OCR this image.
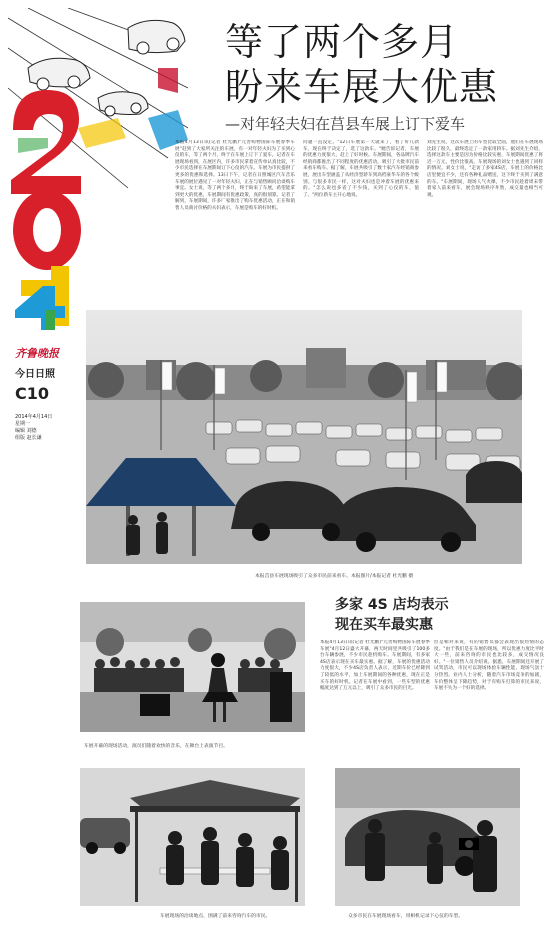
等了两个多月
盼来车展大优惠
—对年轻夫妇在莒县车展上订下爱车
本报4月13日讯(记者 杜光鹏)"元善购物国际车展春季车展"赶到了大家所关注的车展，有一对年轻夫妇为了买到心仪的车，等了两个月，终于在车展上订下了爱车。记者在车展现场看到，在展区内，许多市民拿着宣传单认真比较，不少市民选择在车展期间订下心仪的汽车。车展为市民提供了更多的优惠和选择。13日下午，记者在日照城区汽车音乐车展的展位遇见了一对年轻夫妇，正在与销售顾问洽谈购车事宜。女士说，等了两个多月，终于盼来了车展，希望能拿到更大的优惠，车展期间有优惠政策，真的很划算。记者了解到，车展期间，许多厂家推出了购车优惠活动，正在和销售人员商讨价格的夫妇表示，车展是购车的好时机。
问题一直没定。"12日车展第一天就来了，看了好几款车，现在终于决定了，选了这款车。"她告诉记者，车展的优惠力度很大，赶上了好时候。车展期间，各品牌汽车经销商都推出了不同程度的优惠活动，吸引了大批市民前来看车购车。据了解，车展共吸引了数十家汽车经销商参展，展出车型涵盖了从经济型轿车到高档豪华车的各个级别。与很多市民一样，这对夫妇也是冲着车展的优惠来的。"怎么说也多省了不少钱，买到了心仪的车，值了。"两位新车主开心地说。
刘先生说，这次车展上的车型比较全面，他们在车展现场比较了很久，最终选定了一款家用轿车。据刘先生介绍，选择这款车主要是因为价格比较实惠，车展期间优惠了将近一万元，性价比很高。车展现场的刘女士也遇到了同样的情况。刘女士说，"走访了多家4S店，车展上的价格比店里便宜不少，还有各种礼品赠送，这下终于买到了满意的车。"车展期间，现场人气火爆，不少市民趁着周末带着家人前来看车，展会现场秩序井然，成交量也相当可观。
齐鲁晚报
今日日照
C10
2014年4月14日
星期一
编辑 刘德
组版 赵长谦
本报莒县车展现场吸引了众多市民前来看车。本报图片/本报记者 杜光鹏 摄
多家 4S 店均表示
现在买车最实惠
本报4月13日讯(记者 杜光鹏)"元善购物国际车展春季车展"4月12日盛大开幕，两天时间里共吸引了100多台车辆参展，不少市民趁机购车。车展期间，有多家4S店表示现在买车最实惠。据了解，车展的优惠活动力度很大，不少4S店负责人表示，近期车价已经降到了较低的水平，加上车展期间的各种优惠，现在正是买车的好时机。记者在车展中看到，一些车型的优惠幅度达到了万元以上，吸引了众多市民的目光。
但是相对来说，有的销售员都会表现出很热情的态度。"由于我们是在车展的现场，所以优惠力度比平时大一些，前来咨询的市民也比较多，成交情况良好。"一位销售人员介绍说。据悉，车展期间还开展了试驾活动，市民可以现场体验车辆性能，现场气氛十分热烈。业内人士分析，随着汽车市场竞争的加剧，车价整体呈下降趋势，对于有购车打算的市民来说，车展不失为一个好的选择。
车展开幕的现场活动，演员们随着欢快的音乐，在舞台上表演节目。
车展现场的洽谈地点，围满了前来咨询汽车的市民。	众多市民在车展现场看车，用相机记录下心仪的车型。
